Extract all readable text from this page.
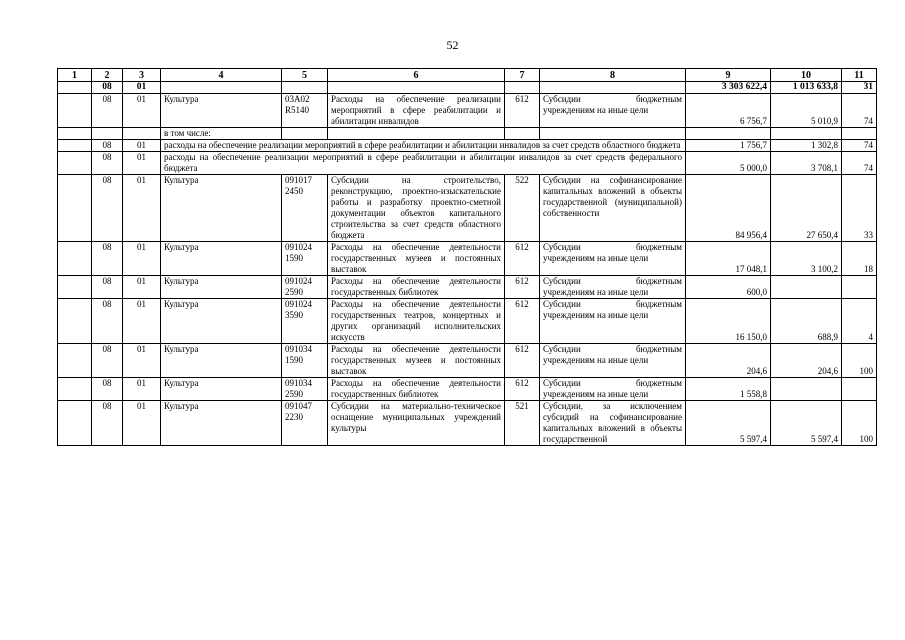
52
1	2	3	4	5	6	7	8	9	10	11
	08	01						3 303 622,4	1 013 633,8	31
	08	01	Культура	03А02 R5140	Расходы на обеспечение реализации мероприятий в сфере реабилитации и абилитации инвалидов	612	Субсидии бюджетным учреждениям на иные цели	6 756,7	5 010,9	74
			в том числе:							
	08	01	расходы на обеспечение реализации мероприятий в сфере реабилитации и абилитации инвалидов за счет средств областного бюджета					1 756,7	1 302,8	74
	08	01	расходы на обеспечение реализации мероприятий в сфере реабилитации и абилитации инвалидов за счет средств федерального бюджета					5 000,0	3 708,1	74
	08	01	Культура	091017 2450	Субсидии на строительство, реконструкцию, проектно-изыскательские работы и разработку проектно-сметной документации объектов капитального строительства за счет средств областного бюджета	522	Субсидии на софинансирование капитальных вложений в объекты государственной (муниципальной) собственности	84 956,4	27 650,4	33
	08	01	Культура	091024 1590	Расходы на обеспечение деятельности государственных музеев и постоянных выставок	612	Субсидии бюджетным учреждениям на иные цели	17 048,1	3 100,2	18
	08	01	Культура	091024 2590	Расходы на обеспечение деятельности государственных библиотек	612	Субсидии бюджетным учреждениям на иные цели	600,0		
	08	01	Культура	091024 3590	Расходы на обеспечение деятельности государственных театров, концертных и других организаций исполнительских искусств	612	Субсидии бюджетным учреждениям на иные цели	16 150,0	688,9	4
	08	01	Культура	091034 1590	Расходы на обеспечение деятельности государственных музеев и постоянных выставок	612	Субсидии бюджетным учреждениям на иные цели	204,6	204,6	100
	08	01	Культура	091034 2590	Расходы на обеспечение деятельности государственных библиотек	612	Субсидии бюджетным учреждениям на иные цели	1 558,8		
	08	01	Культура	091047 2230	Субсидии на материально-техническое оснащение муниципальных учреждений культуры	521	Субсидии, за исключением субсидий на софинансирование капитальных вложений в объекты государственной	5 597,4	5 597,4	100
